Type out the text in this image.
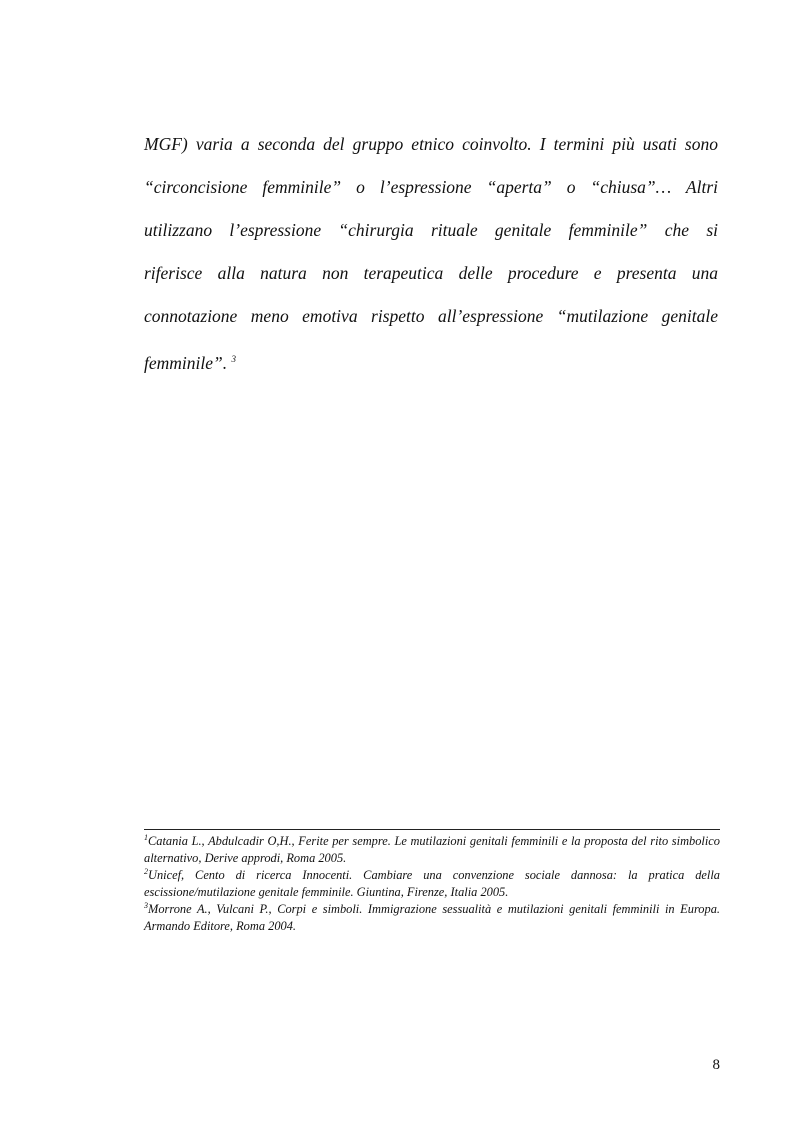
MGF) varia a seconda del gruppo etnico coinvolto. I termini più usati sono
“circoncisione femminile” o l’espressione “aperta” o “chiusa”… Altri
utilizzano l’espressione “chirurgia rituale genitale femminile” che si
riferisce alla natura non terapeutica delle procedure e presenta una
connotazione meno emotiva rispetto all’espressione “mutilazione genitale
femminile”. $^3$
$^1$Catania L., Abdulcadir O,H., Ferite per sempre. Le mutilazioni genitali femminili e la proposta del rito simbolico alternativo, Derive approdi, Roma 2005.
$^2$Unicef, Cento di ricerca Innocenti. Cambiare una convenzione sociale dannosa: la pratica della escissione/mutilazione genitale femminile. Giuntina, Firenze, Italia 2005.
$^3$Morrone A., Vulcani P., Corpi e simboli. Immigrazione sessualità e mutilazioni genitali femminili in Europa. Armando Editore, Roma 2004.
8
